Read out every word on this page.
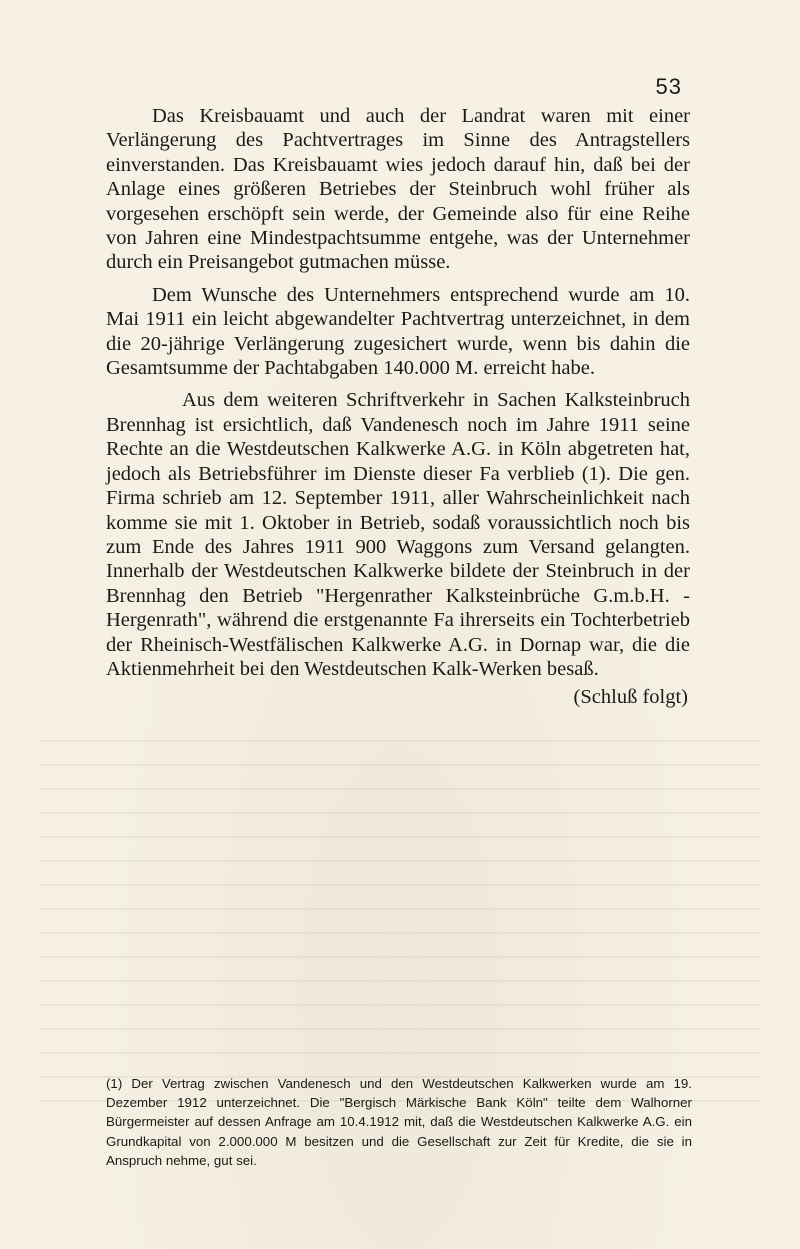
53

Das Kreisbauamt und auch der Landrat waren mit einer Verlängerung des Pachtvertrages im Sinne des Antragstellers einverstanden. Das Kreisbauamt wies jedoch darauf hin, daß bei der Anlage eines größeren Betriebes der Steinbruch wohl früher als vorgesehen erschöpft sein werde, der Gemeinde also für eine Reihe von Jahren eine Mindestpachtsumme entgehe, was der Unternehmer durch ein Preisangebot gutmachen müsse.

Dem Wunsche des Unternehmers entsprechend wurde am 10. Mai 1911 ein leicht abgewandelter Pachtvertrag unterzeichnet, in dem die 20-jährige Verlängerung zugesichert wurde, wenn bis dahin die Gesamtsumme der Pachtabgaben 140.000 M. erreicht habe.

Aus dem weiteren Schriftverkehr in Sachen Kalksteinbruch Brennhag ist ersichtlich, daß Vandenesch noch im Jahre 1911 seine Rechte an die Westdeutschen Kalkwerke A.G. in Köln abgetreten hat, jedoch als Betriebsführer im Dienste dieser Fa verblieb (1). Die gen. Firma schrieb am 12. September 1911, aller Wahrscheinlichkeit nach komme sie mit 1. Oktober in Betrieb, sodaß voraussichtlich noch bis zum Ende des Jahres 1911 900 Waggons zum Versand gelangten. Innerhalb der Westdeutschen Kalkwerke bildete der Steinbruch in der Brennhag den Betrieb "Hergenrather Kalksteinbrüche G.m.b.H. - Hergenrath", während die erstgenannte Fa ihrerseits ein Tochterbetrieb der Rheinisch-Westfälischen Kalkwerke A.G. in Dornap war, die die Aktienmehrheit bei den Westdeutschen Kalk-Werken besaß.

(Schluß folgt)

(1) Der Vertrag zwischen Vandenesch und den Westdeutschen Kalkwerken wurde am 19. Dezember 1912 unterzeichnet. Die "Bergisch Märkische Bank Köln" teilte dem Walhorner Bürgermeister auf dessen Anfrage am 10.4.1912 mit, daß die Westdeutschen Kalkwerke A.G. ein Grundkapital von 2.000.000 M besitzen und die Gesellschaft zur Zeit für Kredite, die sie in Anspruch nehme, gut sei.
